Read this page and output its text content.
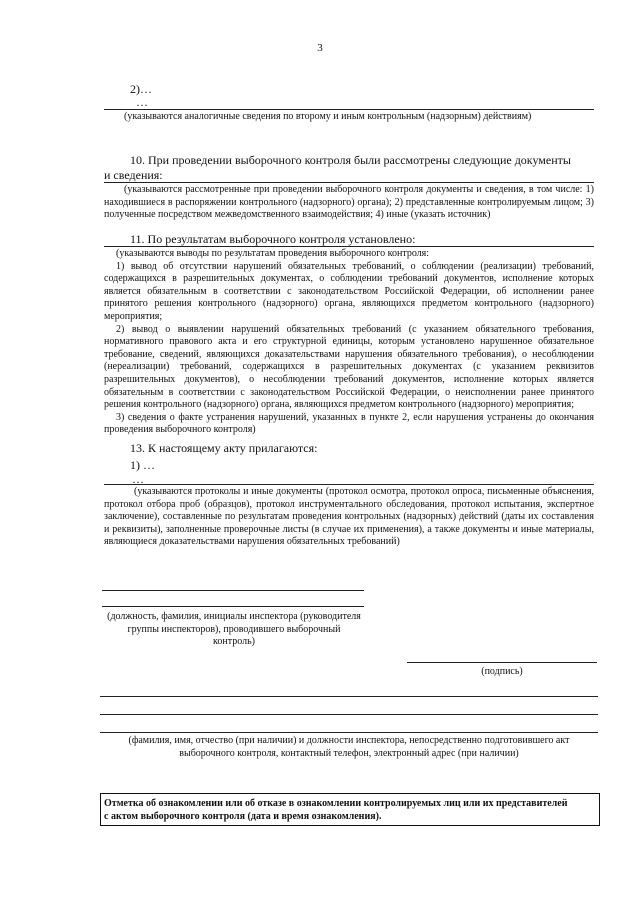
3
2)…
…
(указываются аналогичные сведения по второму и иным контрольным (надзорным) действиям)
10. При проведении выборочного контроля были рассмотрены следующие документы
и сведения:
(указываются рассмотренные при проведении выборочного контроля документы и сведения, в том числе: 1) находившиеся в распоряжении контрольного (надзорного) органа); 2) представленные контролируемым лицом; 3) полученные посредством межведомственного взаимодействия; 4) иные (указать источник)
11. По результатам выборочного контроля установлено:

(указываются выводы по результатам проведения выборочного контроля:

1) вывод об отсутствии нарушений обязательных требований, о соблюдении (реализации) требований, содержащихся в разрешительных документах, о соблюдении требований документов, исполнение которых является обязательным в соответствии с законодательством Российской Федерации, об исполнении ранее принятого решения контрольного (надзорного) органа, являющихся предметом контрольного (надзорного) мероприятия;

2) вывод о выявлении нарушений обязательных требований (с указанием обязательного требования, нормативного правового акта и его структурной единицы, которым установлено нарушенное обязательное требование, сведений, являющихся доказательствами нарушения обязательного требования), о несоблюдении (нереализации) требований, содержащихся в разрешительных документах (с указанием реквизитов разрешительных документов), о несоблюдении требований документов, исполнение которых является обязательным в соответствии с законодательством Российской Федерации, о неисполнении ранее принятого решения контрольного (надзорного) органа, являющихся предметом контрольного (надзорного) мероприятия;

3) сведения о факте устранения нарушений, указанных в пункте 2, если нарушения устранены до окончания проведения выборочного контроля)

13. К настоящему акту прилагаются:
1) …
…
(указываются протоколы и иные документы (протокол осмотра, протокол опроса, письменные объяснения, протокол отбора проб (образцов), протокол инструментального обследования, протокол испытания, экспертное заключение), составленные по результатам проведения контрольных (надзорных) действий (даты их составления и реквизиты), заполненные проверочные листы (в случае их применения), а также документы и иные материалы, являющиеся доказательствами нарушения обязательных требований)
(должность, фамилия, инициалы инспектора (руководителя
группы инспекторов), проводившего выборочный
контроль)
(подпись)
(фамилия, имя, отчество (при наличии) и должности инспектора, непосредственно подготовившего акт
выборочного контроля, контактный телефон, электронный адрес (при наличии)
Отметка об ознакомлении или об отказе в ознакомлении контролируемых лиц или их представителей
с актом выборочного контроля (дата и время ознакомления).
